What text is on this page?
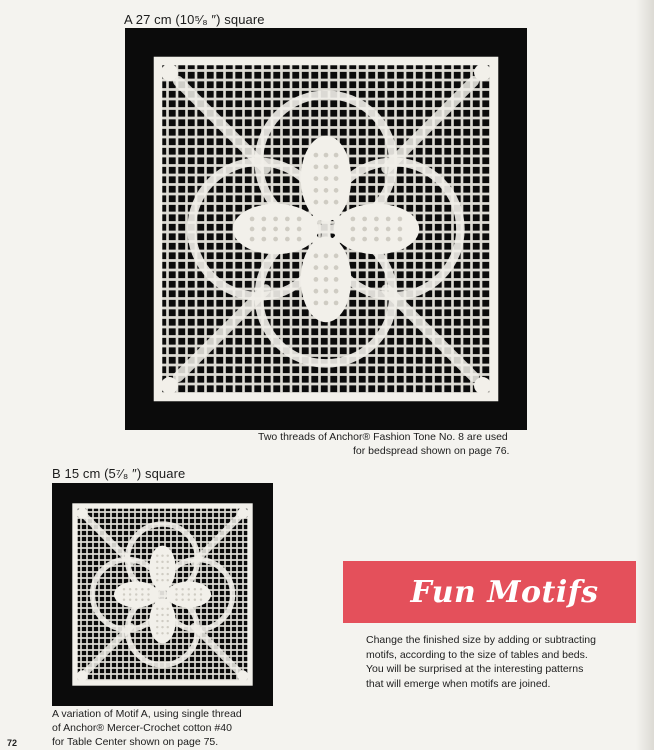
A 27 cm (10⁵⁄₈ ″) square
Two threads of Anchor® Fashion Tone No. 8 are used
for bedspread shown on page 76.
B 15 cm (5⁷⁄₈ ″) square
A variation of Motif A, using single thread
of Anchor® Mercer-Crochet cotton #40
for Table Center shown on page 75.
Fun Motifs
Change the finished size by adding or subtracting
motifs, according to the size of tables and beds.
You will be surprised at the interesting patterns
that will emerge when motifs are joined.
72
